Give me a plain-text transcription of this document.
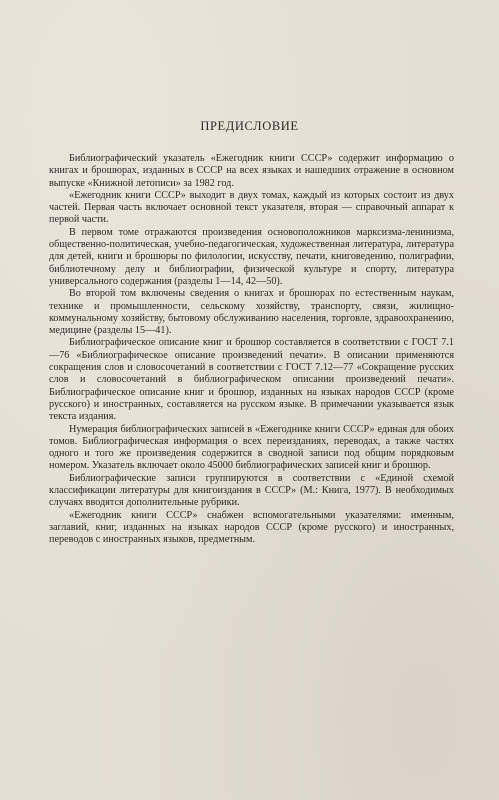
ПРЕДИСЛОВИЕ

Библиографический указатель «Ежегодник книги СССР» содержит информацию о книгах и брошюрах, изданных в СССР на всех языках и нашедших отражение в основном выпуске «Книжной летописи» за 1982 год.

«Ежегодник книги СССР» выходит в двух томах, каждый из которых состоит из двух частей. Первая часть включает основной текст указателя, вторая — справочный аппарат к первой части.

В первом томе отражаются произведения основоположников марксизма-ленинизма, общественно-политическая, учебно-педагогическая, художественная литература, литература для детей, книги и брошюры по филологии, искусству, печати, книговедению, полиграфии, библиотечному делу и библиографии, физической культуре и спорту, литература универсального содержания (разделы 1—14, 42—50).

Во второй том включены сведения о книгах и брошюрах по естественным наукам, технике и промышленности, сельскому хозяйству, транспорту, связи, жилищно-коммунальному хозяйству, бытовому обслуживанию населения, торговле, здравоохранению, медицине (разделы 15—41).

Библиографическое описание книг и брошюр составляется в соответствии с ГОСТ 7.1—76 «Библиографическое описание произведений печати». В описании применяются сокращения слов и словосочетаний в соответствии с ГОСТ 7.12—77 «Сокращение русских слов и словосочетаний в библиографическом описании произведений печати». Библиографическое описание книг и брошюр, изданных на языках народов СССР (кроме русского) и иностранных, составляется на русском языке. В примечании указывается язык текста издания.

Нумерация библиографических записей в «Ежегоднике книги СССР» единая для обоих томов. Библиографическая информация о всех переизданиях, переводах, а также частях одного и того же произведения содержится в сводной записи под общим порядковым номером. Указатель включает около 45000 библиографических записей книг и брошюр.

Библиографические записи группируются в соответствии с «Единой схемой классификации литературы для книгоиздания в СССР» (М.: Книга, 1977). В необходимых случаях вводятся дополнительные рубрики.

«Ежегодник книги СССР» снабжен вспомогательными указателями: именным, заглавий, книг, изданных на языках народов СССР (кроме русского) и иностранных, переводов с иностранных языков, предметным.
